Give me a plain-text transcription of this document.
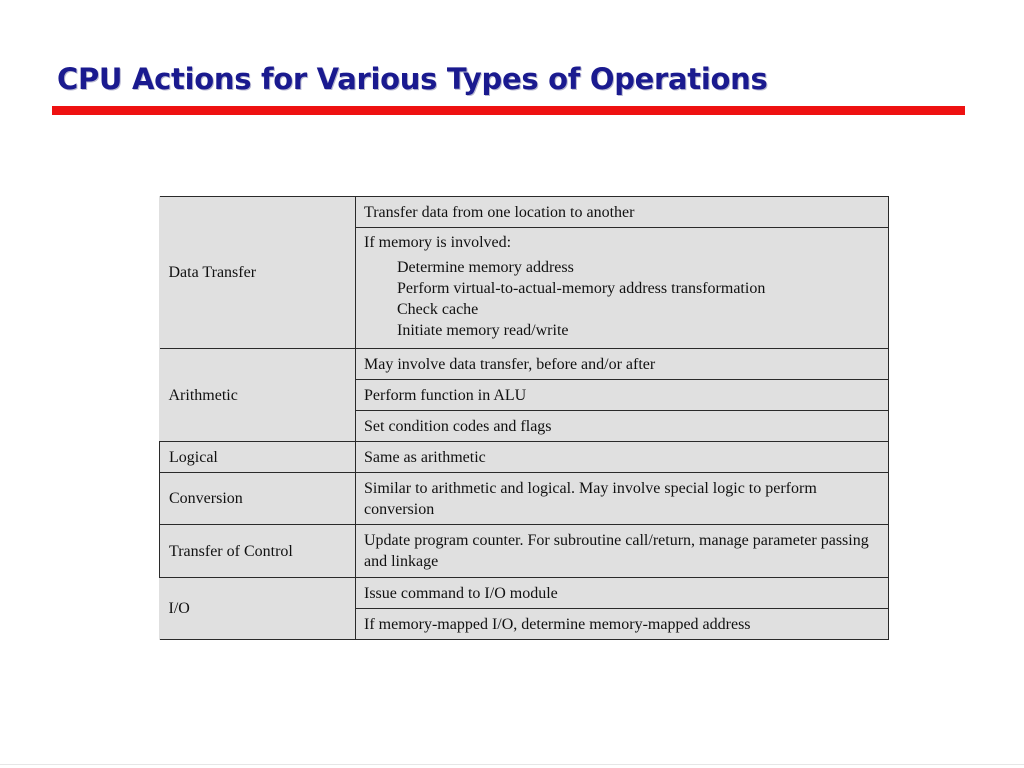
CPU Actions for Various Types of Operations
Data Transfer	Transfer data from one location to another

	If memory is involved:
Determine memory address
Perform virtual-to-actual-memory address transformation
Check cache
Initiate memory read/write

Arithmetic	May involve data transfer, before and/or after
	Perform function in ALU
	Set condition codes and flags
Logical	Same as arithmetic
Conversion	Similar to arithmetic and logical. May involve special logic to perform conversion
Transfer of Control	Update program counter. For subroutine call/return, manage parameter passing and linkage
I/O	Issue command to I/O module
	If memory-mapped I/O, determine memory-mapped address
